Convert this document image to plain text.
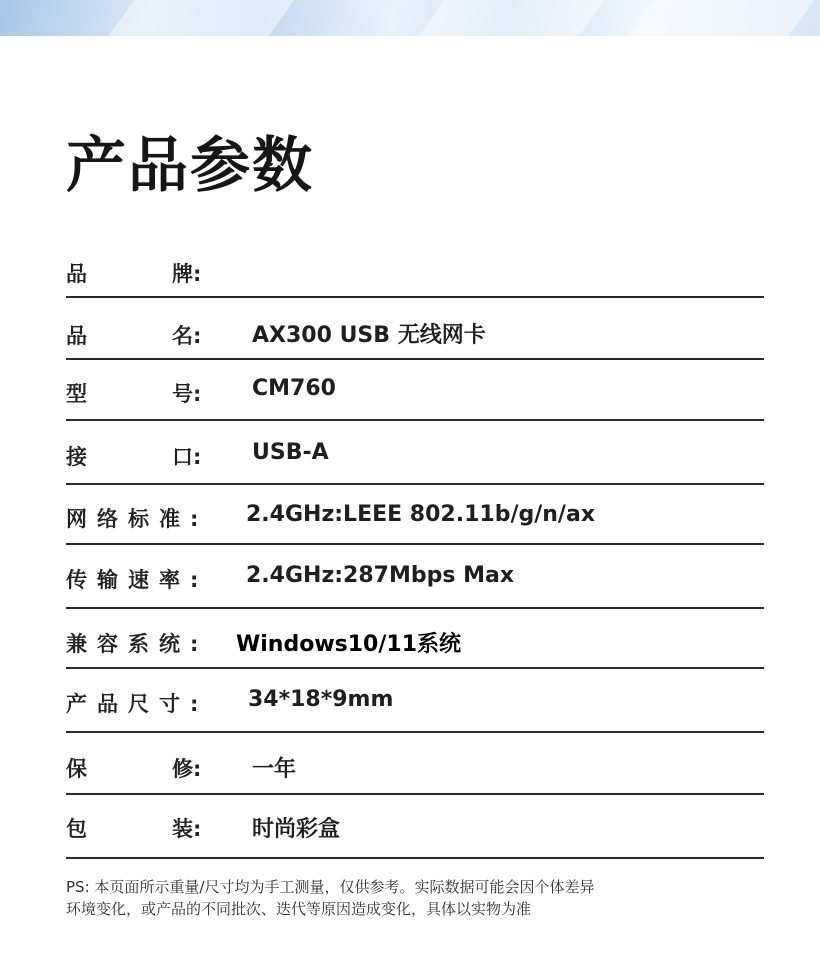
产品参数
品	牌:
品	名: AX300 USB 无线网卡
型	号: CM760
接	口: USB-A
网络标准: 2.4GHz:LEEE 802.11b/g/n/ax
传输速率: 2.4GHz:287Mbps Max
兼容系统: Windows10/11系统
产品尺寸: 34*18*9mm
保	修: 一年
包	装: 时尚彩盒
PS: 本页面所示重量/尺寸均为手工测量，仅供参考。实际数据可能会因个体差异
环境变化，或产品的不同批次、迭代等原因造成变化，具体以实物为准
